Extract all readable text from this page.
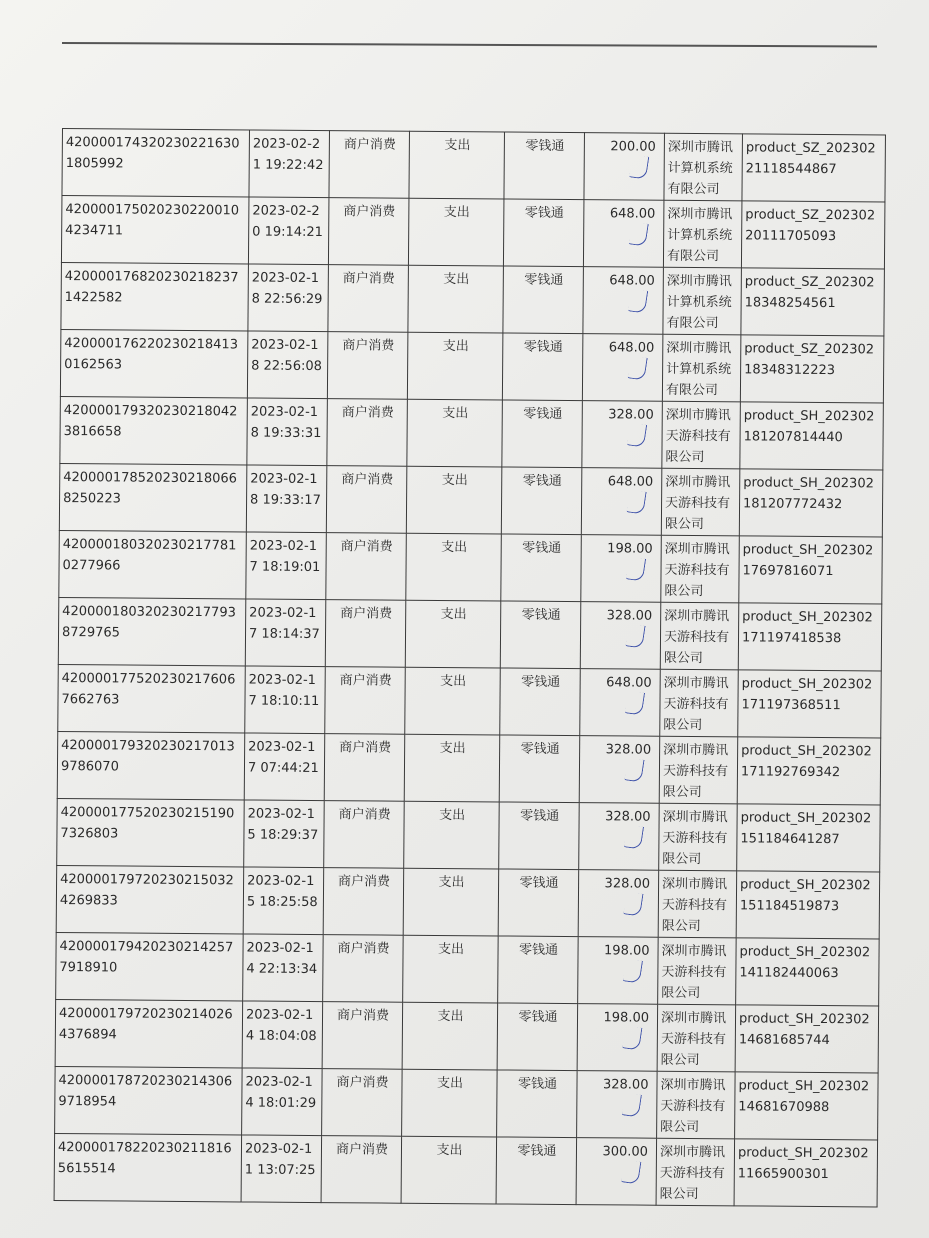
4200001743202302216301805992	2023-02-21 19:22:42	商户消费	支出	零钱通	200.00	深圳市腾讯计算机系统有限公司	product_SZ_20230221118544867
4200001750202302200104234711	2023-02-20 19:14:21	商户消费	支出	零钱通	648.00	深圳市腾讯计算机系统有限公司	product_SZ_20230220111705093
4200001768202302182371422582	2023-02-18 22:56:29	商户消费	支出	零钱通	648.00	深圳市腾讯计算机系统有限公司	product_SZ_20230218348254561
4200001762202302184130162563	2023-02-18 22:56:08	商户消费	支出	零钱通	648.00	深圳市腾讯计算机系统有限公司	product_SZ_20230218348312223
4200001793202302180423816658	2023-02-18 19:33:31	商户消费	支出	零钱通	328.00	深圳市腾讯天游科技有限公司	product_SH_202302181207814440
4200001785202302180668250223	2023-02-18 19:33:17	商户消费	支出	零钱通	648.00	深圳市腾讯天游科技有限公司	product_SH_202302181207772432
4200001803202302177810277966	2023-02-17 18:19:01	商户消费	支出	零钱通	198.00	深圳市腾讯天游科技有限公司	product_SH_20230217697816071
4200001803202302177938729765	2023-02-17 18:14:37	商户消费	支出	零钱通	328.00	深圳市腾讯天游科技有限公司	product_SH_202302171197418538
4200001775202302176067662763	2023-02-17 18:10:11	商户消费	支出	零钱通	648.00	深圳市腾讯天游科技有限公司	product_SH_202302171197368511
4200001793202302170139786070	2023-02-17 07:44:21	商户消费	支出	零钱通	328.00	深圳市腾讯天游科技有限公司	product_SH_202302171192769342
4200001775202302151907326803	2023-02-15 18:29:37	商户消费	支出	零钱通	328.00	深圳市腾讯天游科技有限公司	product_SH_202302151184641287
4200001797202302150324269833	2023-02-15 18:25:58	商户消费	支出	零钱通	328.00	深圳市腾讯天游科技有限公司	product_SH_202302151184519873
4200001794202302142577918910	2023-02-14 22:13:34	商户消费	支出	零钱通	198.00	深圳市腾讯天游科技有限公司	product_SH_202302141182440063
4200001797202302140264376894	2023-02-14 18:04:08	商户消费	支出	零钱通	198.00	深圳市腾讯天游科技有限公司	product_SH_20230214681685744
4200001787202302143069718954	2023-02-14 18:01:29	商户消费	支出	零钱通	328.00	深圳市腾讯天游科技有限公司	product_SH_20230214681670988
4200001782202302118165615514	2023-02-11 13:07:25	商户消费	支出	零钱通	300.00	深圳市腾讯天游科技有限公司	product_SH_20230211665900301
